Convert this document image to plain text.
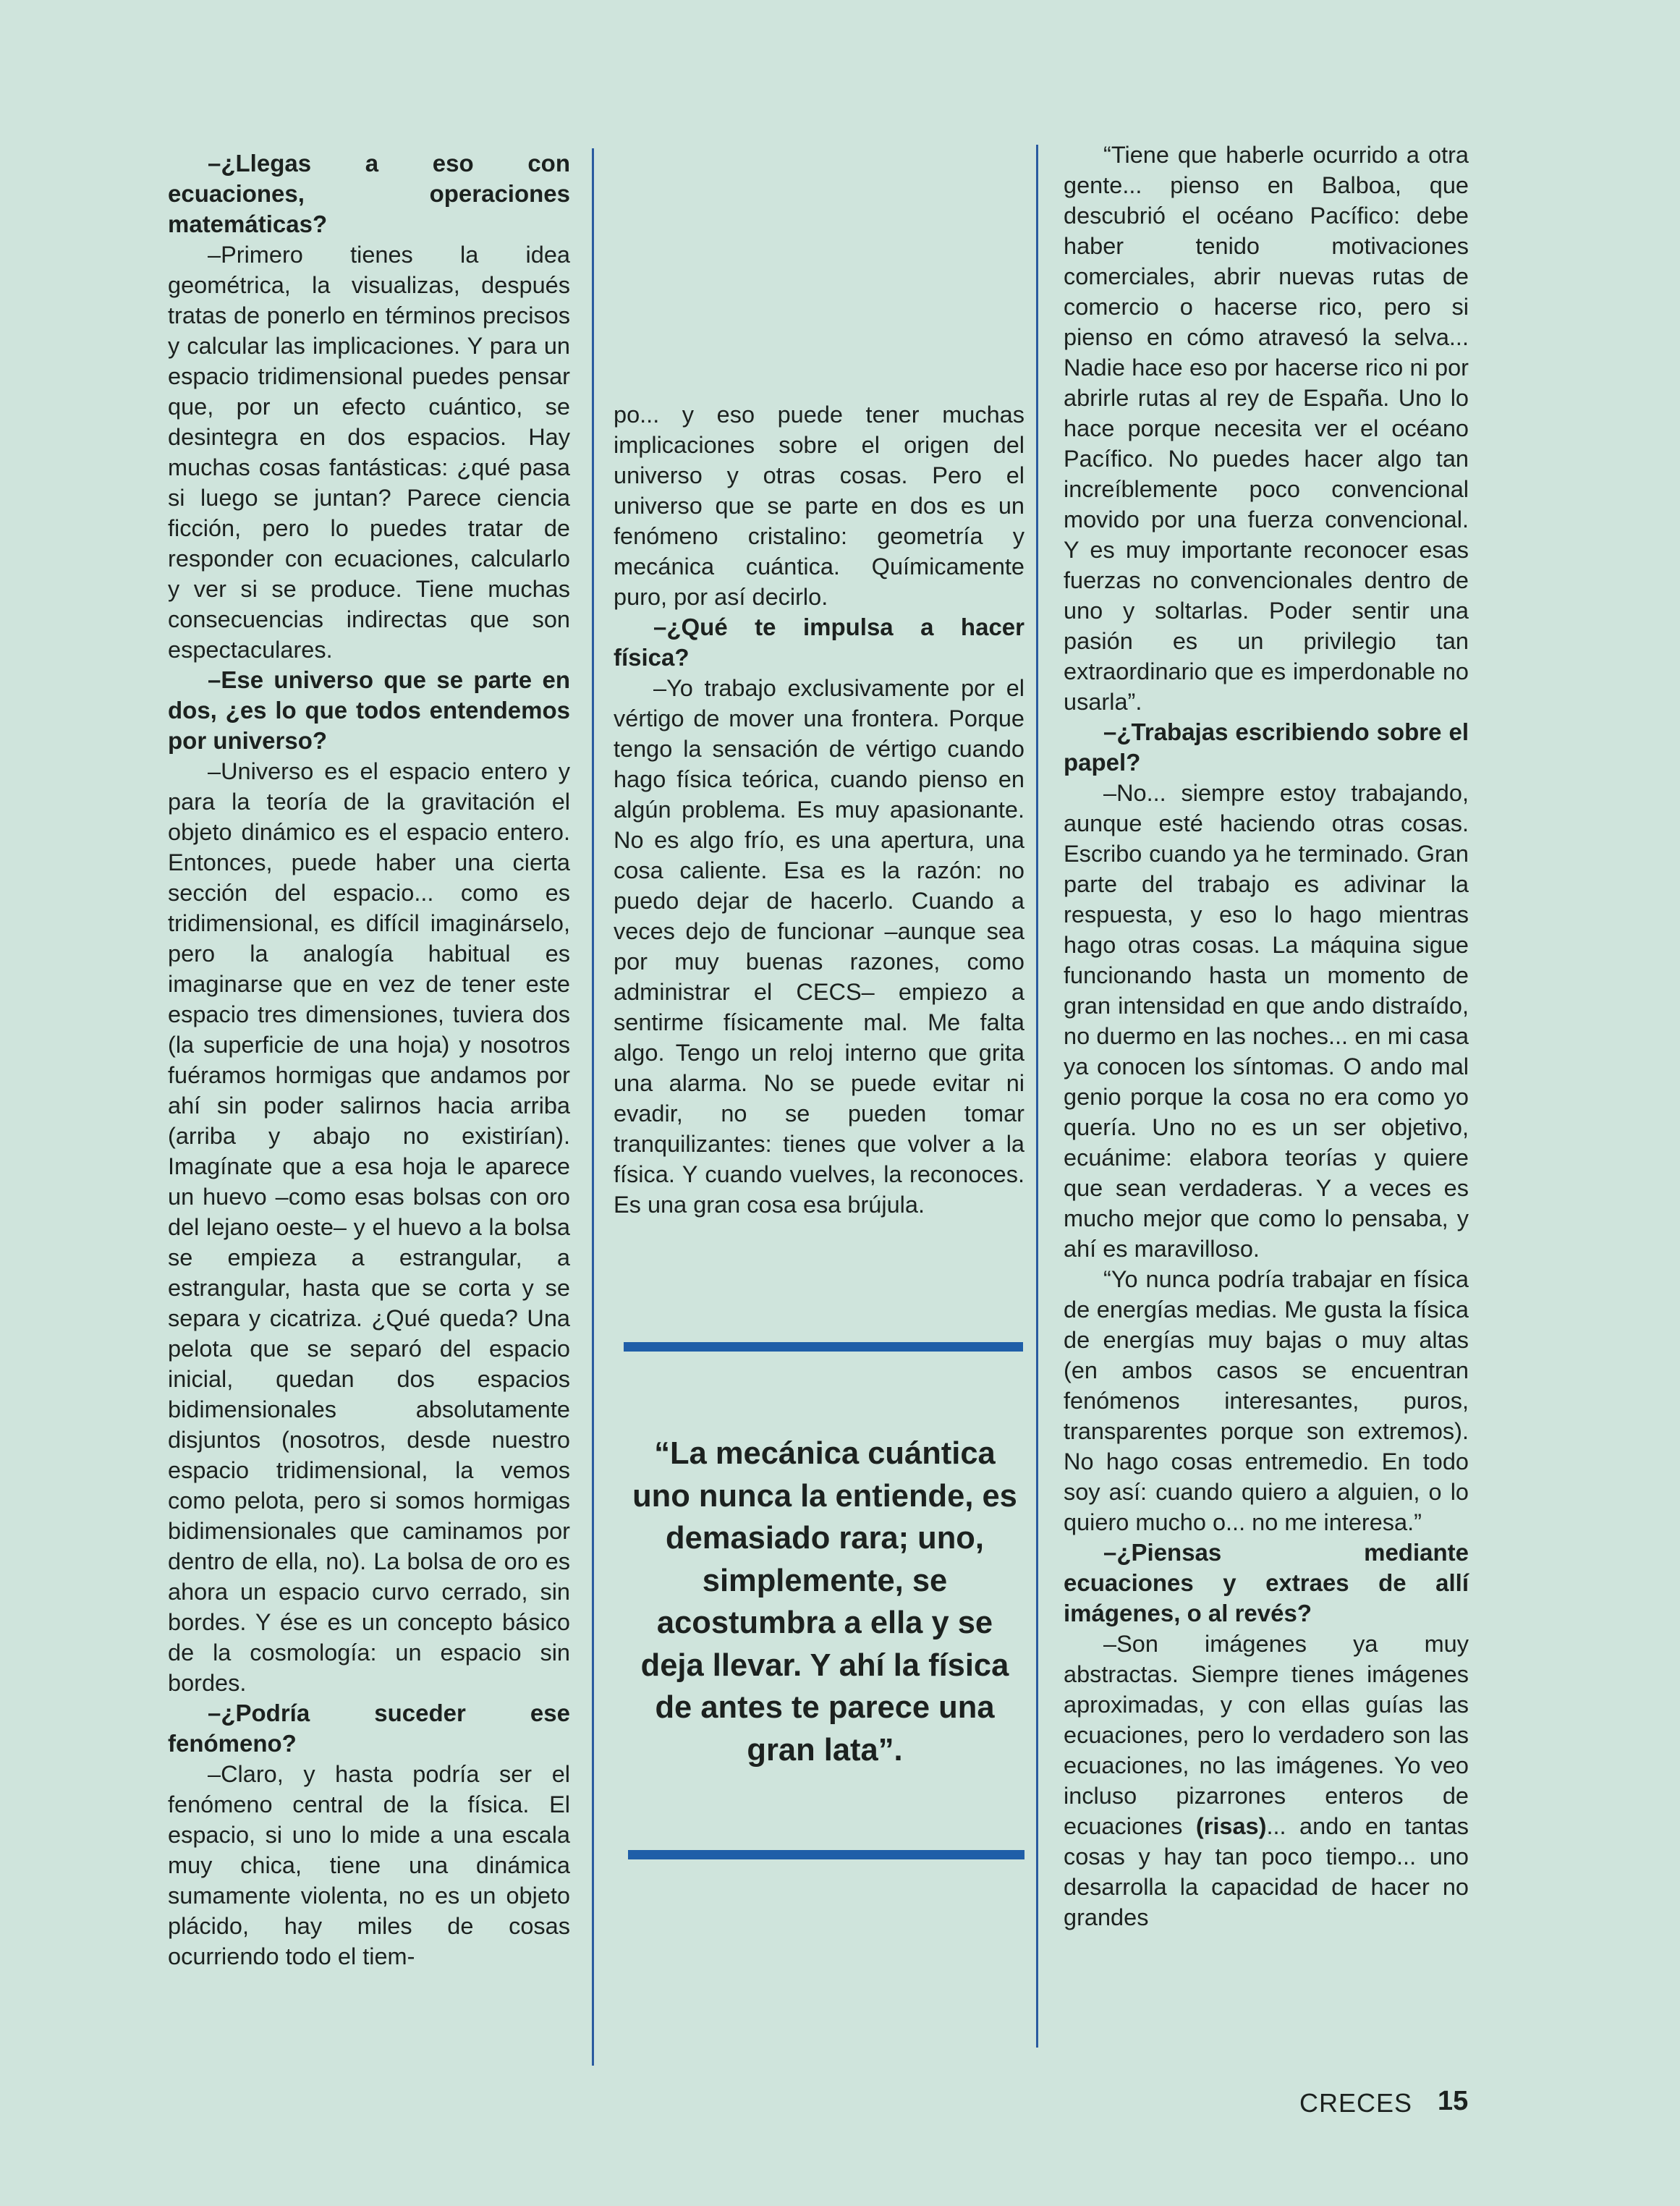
–¿Llegas a eso con ecuaciones, operaciones matemáticas?

–Primero tienes la idea geométrica, la visualizas, después tratas de ponerlo en términos precisos y calcular las implicaciones. Y para un espacio tridimensional puedes pensar que, por un efecto cuántico, se desintegra en dos espacios. Hay muchas cosas fantásticas: ¿qué pasa si luego se juntan? Parece ciencia ficción, pero lo puedes tratar de responder con ecuaciones, calcularlo y ver si se produce. Tiene muchas consecuencias indirectas que son espectaculares.

–Ese universo que se parte en dos, ¿es lo que todos entendemos por universo?

–Universo es el espacio entero y para la teoría de la gravitación el objeto dinámico es el espacio entero. Entonces, puede haber una cierta sección del espacio... como es tridimensional, es difícil imaginárselo, pero la analogía habitual es imaginarse que en vez de tener este espacio tres dimensiones, tuviera dos (la superficie de una hoja) y nosotros fuéramos hormigas que andamos por ahí sin poder salirnos hacia arriba (arriba y abajo no existirían). Imagínate que a esa hoja le aparece un huevo –como esas bolsas con oro del lejano oeste– y el huevo a la bolsa se empieza a estrangular, a estrangular, hasta que se corta y se separa y cicatriza. ¿Qué queda? Una pelota que se separó del espacio inicial, quedan dos espacios bidimensionales absolutamente disjuntos (nosotros, desde nuestro espacio tridimensional, la vemos como pelota, pero si somos hormigas bidimensionales que caminamos por dentro de ella, no). La bolsa de oro es ahora un espacio curvo cerrado, sin bordes. Y ése es un concepto básico de la cosmología: un espacio sin bordes.

–¿Podría suceder ese fenómeno?

–Claro, y hasta podría ser el fenómeno central de la física. El espacio, si uno lo mide a una escala muy chica, tiene una dinámica sumamente violenta, no es un objeto plácido, hay miles de cosas ocurriendo todo el tiem-

po... y eso puede tener muchas implicaciones sobre el origen del universo y otras cosas. Pero el universo que se parte en dos es un fenómeno cristalino: geometría y mecánica cuántica. Químicamente puro, por así decirlo.

–¿Qué te impulsa a hacer física?

–Yo trabajo exclusivamente por el vértigo de mover una frontera. Porque tengo la sensación de vértigo cuando hago física teórica, cuando pienso en algún problema. Es muy apasionante. No es algo frío, es una apertura, una cosa caliente. Esa es la razón: no puedo dejar de hacerlo. Cuando a veces dejo de funcionar –aunque sea por muy buenas razones, como administrar el CECS– empiezo a sentirme físicamente mal. Me falta algo. Tengo un reloj interno que grita una alarma. No se puede evitar ni evadir, no se pueden tomar tranquilizantes: tienes que volver a la física. Y cuando vuelves, la reconoces. Es una gran cosa esa brújula.

“La mecánica cuántica uno nunca la entiende, es demasiado rara; uno, simplemente, se acostumbra a ella y se deja llevar. Y ahí la física de antes te parece una gran lata”.

“Tiene que haberle ocurrido a otra gente... pienso en Balboa, que descubrió el océano Pacífico: debe haber tenido motivaciones comerciales, abrir nuevas rutas de comercio o hacerse rico, pero si pienso en cómo atravesó la selva... Nadie hace eso por hacerse rico ni por abrirle rutas al rey de España. Uno lo hace porque necesita ver el océano Pacífico. No puedes hacer algo tan increíblemente poco convencional movido por una fuerza convencional. Y es muy importante reconocer esas fuerzas no convencionales dentro de uno y soltarlas. Poder sentir una pasión es un privilegio tan extraordinario que es imperdonable no usarla”.

–¿Trabajas escribiendo sobre el papel?

–No... siempre estoy trabajando, aunque esté haciendo otras cosas. Escribo cuando ya he terminado. Gran parte del trabajo es adivinar la respuesta, y eso lo hago mientras hago otras cosas. La máquina sigue funcionando hasta un momento de gran intensidad en que ando distraído, no duermo en las noches... en mi casa ya conocen los síntomas. O ando mal genio porque la cosa no era como yo quería. Uno no es un ser objetivo, ecuánime: elabora teorías y quiere que sean verdaderas. Y a veces es mucho mejor que como lo pensaba, y ahí es maravilloso.

“Yo nunca podría trabajar en física de energías medias. Me gusta la física de energías muy bajas o muy altas (en ambos casos se encuentran fenómenos interesantes, puros, transparentes porque son extremos). No hago cosas entremedio. En todo soy así: cuando quiero a alguien, o lo quiero mucho o... no me interesa.”

–¿Piensas mediante ecuaciones y extraes de allí imágenes, o al revés?

–Son imágenes ya muy abstractas. Siempre tienes imágenes aproximadas, y con ellas guías las ecuaciones, pero lo verdadero son las ecuaciones, no las imágenes. Yo veo incluso pizarrones enteros de ecuaciones (risas)... ando en tantas cosas y hay tan poco tiempo... uno desarrolla la capacidad de hacer no grandes

CRECES 15
